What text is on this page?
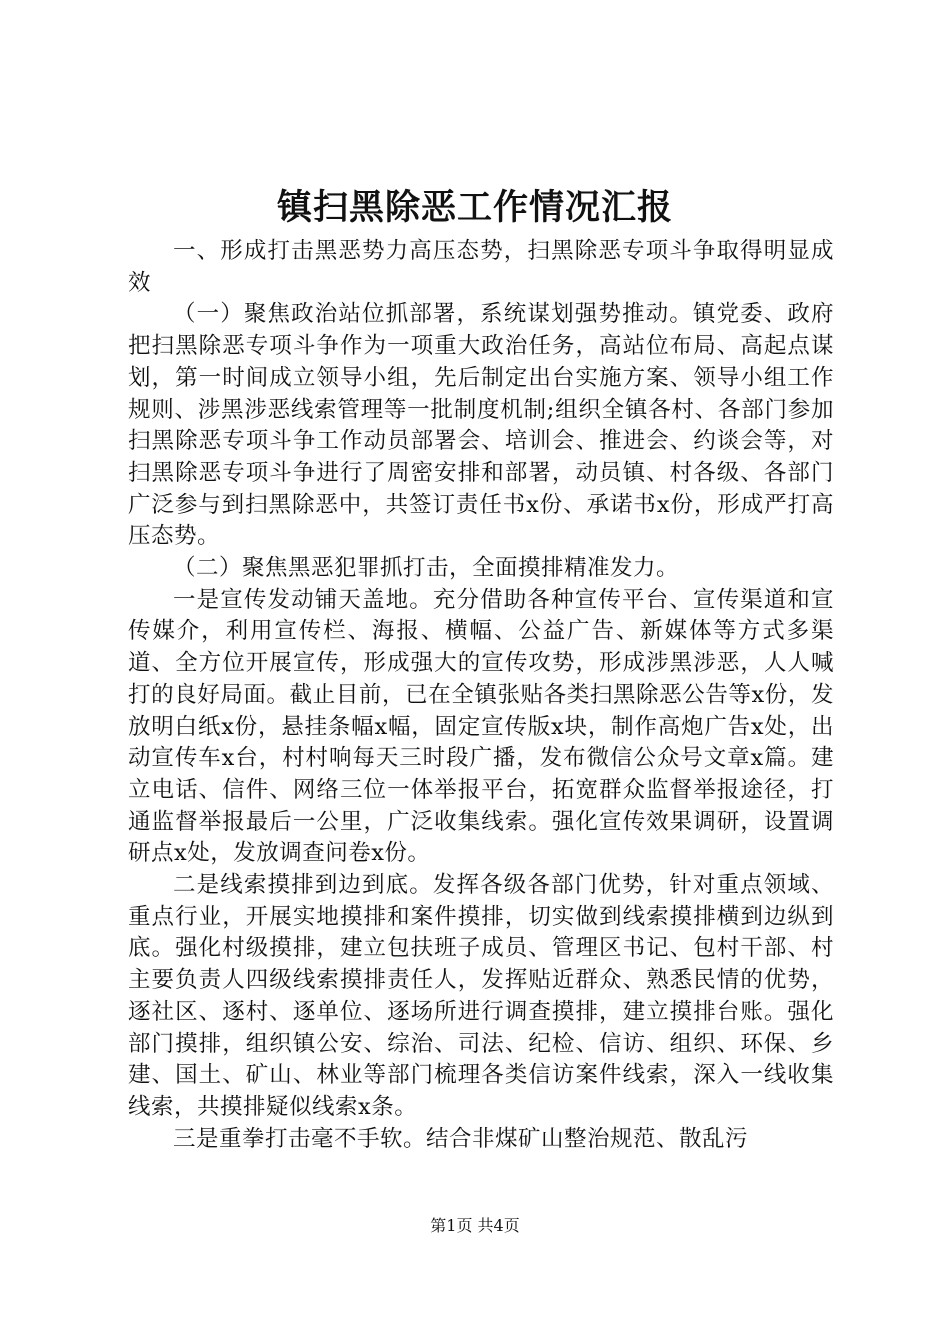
镇扫黑除恶工作情况汇报

一、形成打击黑恶势力高压态势，扫黑除恶专项斗争取得明显成效

（一）聚焦政治站位抓部署，系统谋划强势推动。镇党委、政府把扫黑除恶专项斗争作为一项重大政治任务，高站位布局、高起点谋划，第一时间成立领导小组，先后制定出台实施方案、领导小组工作规则、涉黑涉恶线索管理等一批制度机制;组织全镇各村、各部门参加扫黑除恶专项斗争工作动员部署会、培训会、推进会、约谈会等，对扫黑除恶专项斗争进行了周密安排和部署，动员镇、村各级、各部门广泛参与到扫黑除恶中，共签订责任书x份、承诺书x份，形成严打高压态势。

（二）聚焦黑恶犯罪抓打击，全面摸排精准发力。

一是宣传发动铺天盖地。充分借助各种宣传平台、宣传渠道和宣传媒介，利用宣传栏、海报、横幅、公益广告、新媒体等方式多渠道、全方位开展宣传，形成强大的宣传攻势，形成涉黑涉恶，人人喊打的良好局面。截止目前，已在全镇张贴各类扫黑除恶公告等x份，发放明白纸x份，悬挂条幅x幅，固定宣传版x块，制作高炮广告x处，出动宣传车x台，村村响每天三时段广播，发布微信公众号文章x篇。建立电话、信件、网络三位一体举报平台，拓宽群众监督举报途径，打通监督举报最后一公里，广泛收集线索。强化宣传效果调研，设置调研点x处，发放调查问卷x份。

二是线索摸排到边到底。发挥各级各部门优势，针对重点领域、重点行业，开展实地摸排和案件摸排，切实做到线索摸排横到边纵到底。强化村级摸排，建立包扶班子成员、管理区书记、包村干部、村主要负责人四级线索摸排责任人，发挥贴近群众、熟悉民情的优势，逐社区、逐村、逐单位、逐场所进行调查摸排，建立摸排台账。强化部门摸排，组织镇公安、综治、司法、纪检、信访、组织、环保、乡建、国土、矿山、林业等部门梳理各类信访案件线索，深入一线收集线索，共摸排疑似线索x条。

三是重拳打击毫不手软。结合非煤矿山整治规范、散乱污

第1页 共4页
